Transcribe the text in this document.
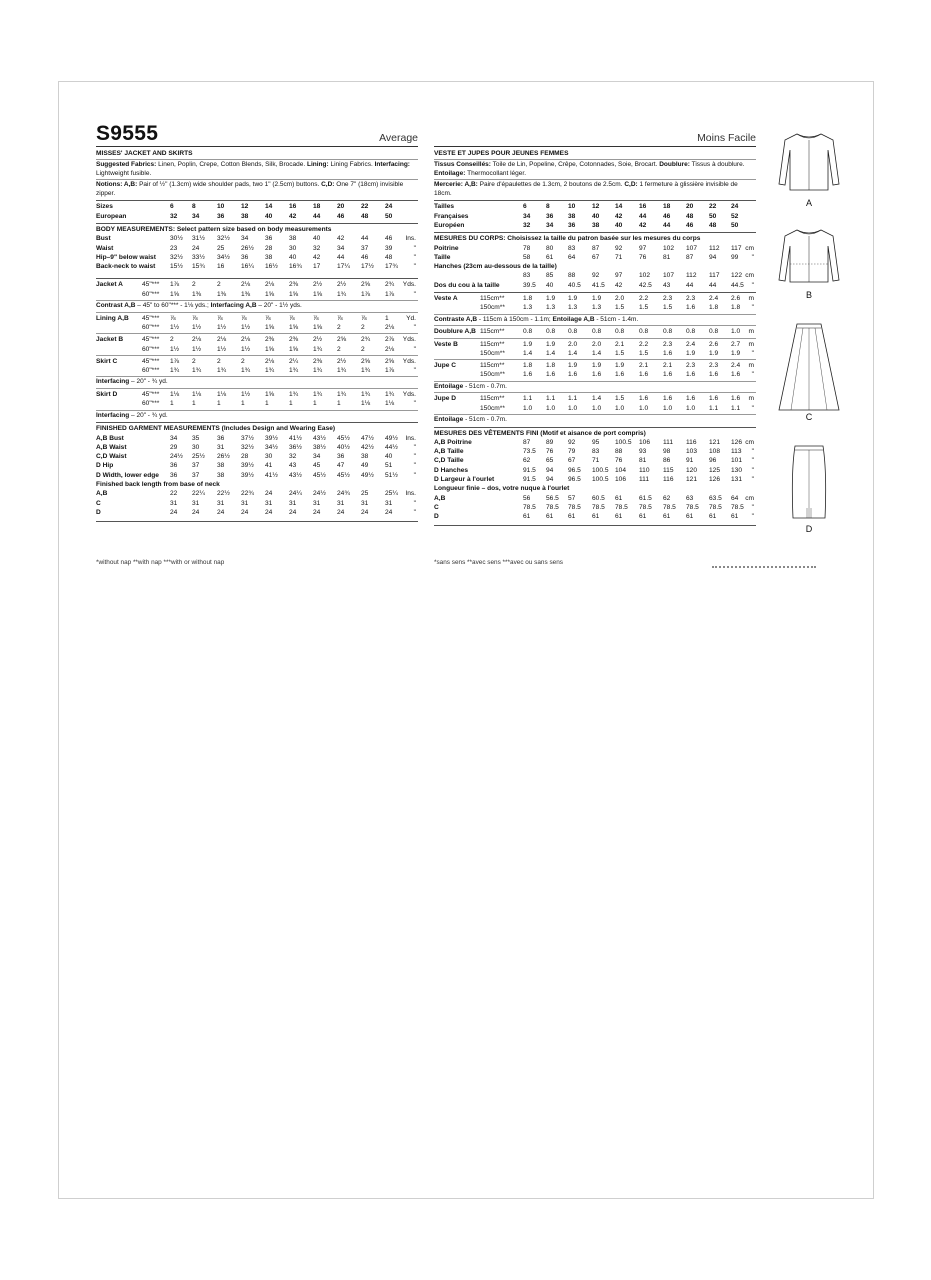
S9555	Average
MISSES' JACKET AND SKIRTS

Suggested Fabrics: Linen, Poplin, Crepe, Cotton Blends, Silk, Brocade. Lining: Lining Fabrics. Interfacing: Lightweight fusible.

Notions: A,B: Pair of ½" (1.3cm) wide shoulder pads, two 1" (2.5cm) buttons. C,D: One 7" (18cm) invisible zipper.

Sizes	6	8	10	12	14	16	18	20	22	24
European	32 34	36	38	40	42	44	46	48	50
BODY MEASUREMENTS: Select pattern size based on body measurements
Bust	30½ 31½ 32½ 34	36	38	40	42	44	46 Ins.
Waist	23 24	25	26½ 28	30	32	34	37	39	"
Hip–9" below waist 32½ 33½ 34½ 36	38	40	42	44	46	48	"
Back-neck to waist 15½ 15¾ 16	16¼ 16½ 16¾ 17	17¼ 17½ 17¾ "
Jacket A	45"*** 1⅞ 2	2	2⅛ 2⅛ 2⅜ 2½ 2½ 2⅝ 2¾ Yds.
60"*** 1⅝ 1⅜ 1⅜ 1⅜ 1⅝ 1⅝ 1⅝ 1¾ 1⅞ 1⅞	"

Contrast A,B – 45" to 60"*** - 1⅛ yds.; Interfacing A,B – 20" - 1½ yds.

Lining A,B 45"*** ⅞	⅞	⅞	⅞	⅞	⅞	⅞	⅞	⅞	1	Yd.
60"*** 1½ 1½ 1½ 1½ 1⅝ 1⅝ 1⅝ 2	2	2⅛	"
Jacket B	45"*** 2	2⅛ 2⅛ 2⅛ 2⅜ 2⅜ 2½ 2⅝ 2¾ 2⅞ Yds.
60"*** 1½ 1½ 1½ 1½ 1⅝ 1⅝ 1¾ 2	2	2⅛	"
Skirt C	45"*** 1⅞ 2	2	2	2⅛ 2¼ 2⅜ 2½ 2⅝ 2⅝ Yds.
60"*** 1¾ 1¾ 1¾ 1¾ 1¾ 1¾ 1¾ 1¾ 1¾ 1⅞	"

Interfacing – 20" - ¾ yd.

Skirt D	45"*** 1⅛ 1⅛ 1⅛ 1½ 1⅝ 1¾ 1¾ 1¾ 1¾ 1¾ Yds.
60"*** 1	1	1	1	1	1	1	1	1⅛ 1⅛	"

Interfacing – 20" - ¾ yd.

FINISHED GARMENT MEASUREMENTS (Includes Design and Wearing Ease)
A,B Bust	34 35	36	37½ 39½ 41½ 43½ 45½ 47½ 49½ Ins.
A,B Waist	29 30	31	32½ 34½ 36½ 38½ 40½ 42½ 44½ "
C,D Waist	24½ 25½ 26½ 28	30	32	34	36	38	40	"
D Hip	36 37	38	39½ 41	43	45	47	49	51	"
D Width, lower edge 36 37	38	39½ 41½ 43½ 45½ 45½ 49½ 51½ "
Finished back length from base of neck
A,B	22 22¼ 22½ 22¾ 24	24¼ 24½ 24¾ 25	25¼ Ins.
C	31 31	31	31	31	31	31	31	31	31	"
D	24 24	24	24	24	24	24	24	24	24	"
Moins Facile
VESTE ET JUPES POUR JEUNES FEMMES

Tissus Conseillés: Toile de Lin, Popeline, Crêpe, Cotonnades, Soie, Brocart. Doublure: Tissus à doublure. Entoilage: Thermocollant léger.

Mercerie: A,B: Paire d'épaulettes de 1.3cm, 2 boutons de 2.5cm. C,D: 1 fermeture à glissière invisible de 18cm.

Tailles	6	8	10	12 14	16	18 20 22 24
Françaises	34 36 38	40 42	44	46 48 50 52
Européen	32 34 36	38 40	42	44 46 48 50
MESURES DU CORPS: Choisissez la taille du patron basée sur les mesures du corps
Poitrine	78 80 83	87 92	97	102 107 112 117 cm
Taille	58 61 64	67 71	76	81 87 94 99 "
Hanches (23cm au-dessous de la taille)
83 85 88	92 97	102 107 112 117 122 cm
Dos du cou à la taille	39.5 40 40.5 41.5 42	42.5 43 44 44 44.5 "
Veste A	115cm**	1.8 1.9 1.9 1.9 2.0 2.2 2.3 2.3 2.4 2.6 m
150cm**	1.3 1.3 1.3 1.3 1.5 1.5 1.5 1.6 1.8 1.8 "

Contraste A,B - 115cm à 150cm - 1.1m; Entoilage A,B - 51cm - 1.4m.

Doublure A,B 115cm**	0.8 0.8 0.8 0.8 0.8 0.8 0.8 0.8 0.8 1.0 m
Veste B	115cm**	1.9 1.9 2.0 2.0 2.1 2.2 2.3 2.4 2.6 2.7 m
150cm**	1.4 1.4 1.4 1.4 1.5 1.5 1.6 1.9 1.9 1.9 "
Jupe C	115cm**	1.8 1.8 1.9 1.9 1.9 2.1 2.1 2.3 2.3 2.4 m
150cm**	1.6 1.6 1.6 1.6 1.6 1.6 1.6 1.6 1.6 1.6 "

Entoilage - 51cm - 0.7m.

Jupe D	115cm**	1.1 1.1 1.1 1.4 1.5 1.6 1.6 1.6 1.6 1.6 m
150cm**	1.0 1.0 1.0 1.0 1.0 1.0 1.0 1.0 1.1 1.1 "

Entoilage - 51cm - 0.7m.

MESURES DES VÊTEMENTS FINI (Motif et aisance de port compris)
A,B Poitrine	87 89 92	95 100.5 106 111 116 121 126 cm
A,B Taille	73.5 76 79	83 88	93	98 103 108 113 "
C,D Taille	62 65 67	71 76	81	86 91 96 101 "
D Hanches	91.5 94 96.5 100.5 104 110 115 120 125 130 "
D Largeur à l'ourlet	91.5 94 96.5 100.5 106 111 116 121 126 131 "
Longueur finie – dos, votre nuque à l'ourlet
A,B	56 56.5 57	60.5 61	61.5 62 63 63.5 64 cm
C	78.5 78.5 78.5 78.5 78.5 78.5 78.5 78.5 78.5 78.5 "
D	61 61 61	61 61	61	61 61 61 61 "
*without nap **with nap ***with or without nap	*sans sens **avec sens ***avec ou sans sens
A
B
C
D
